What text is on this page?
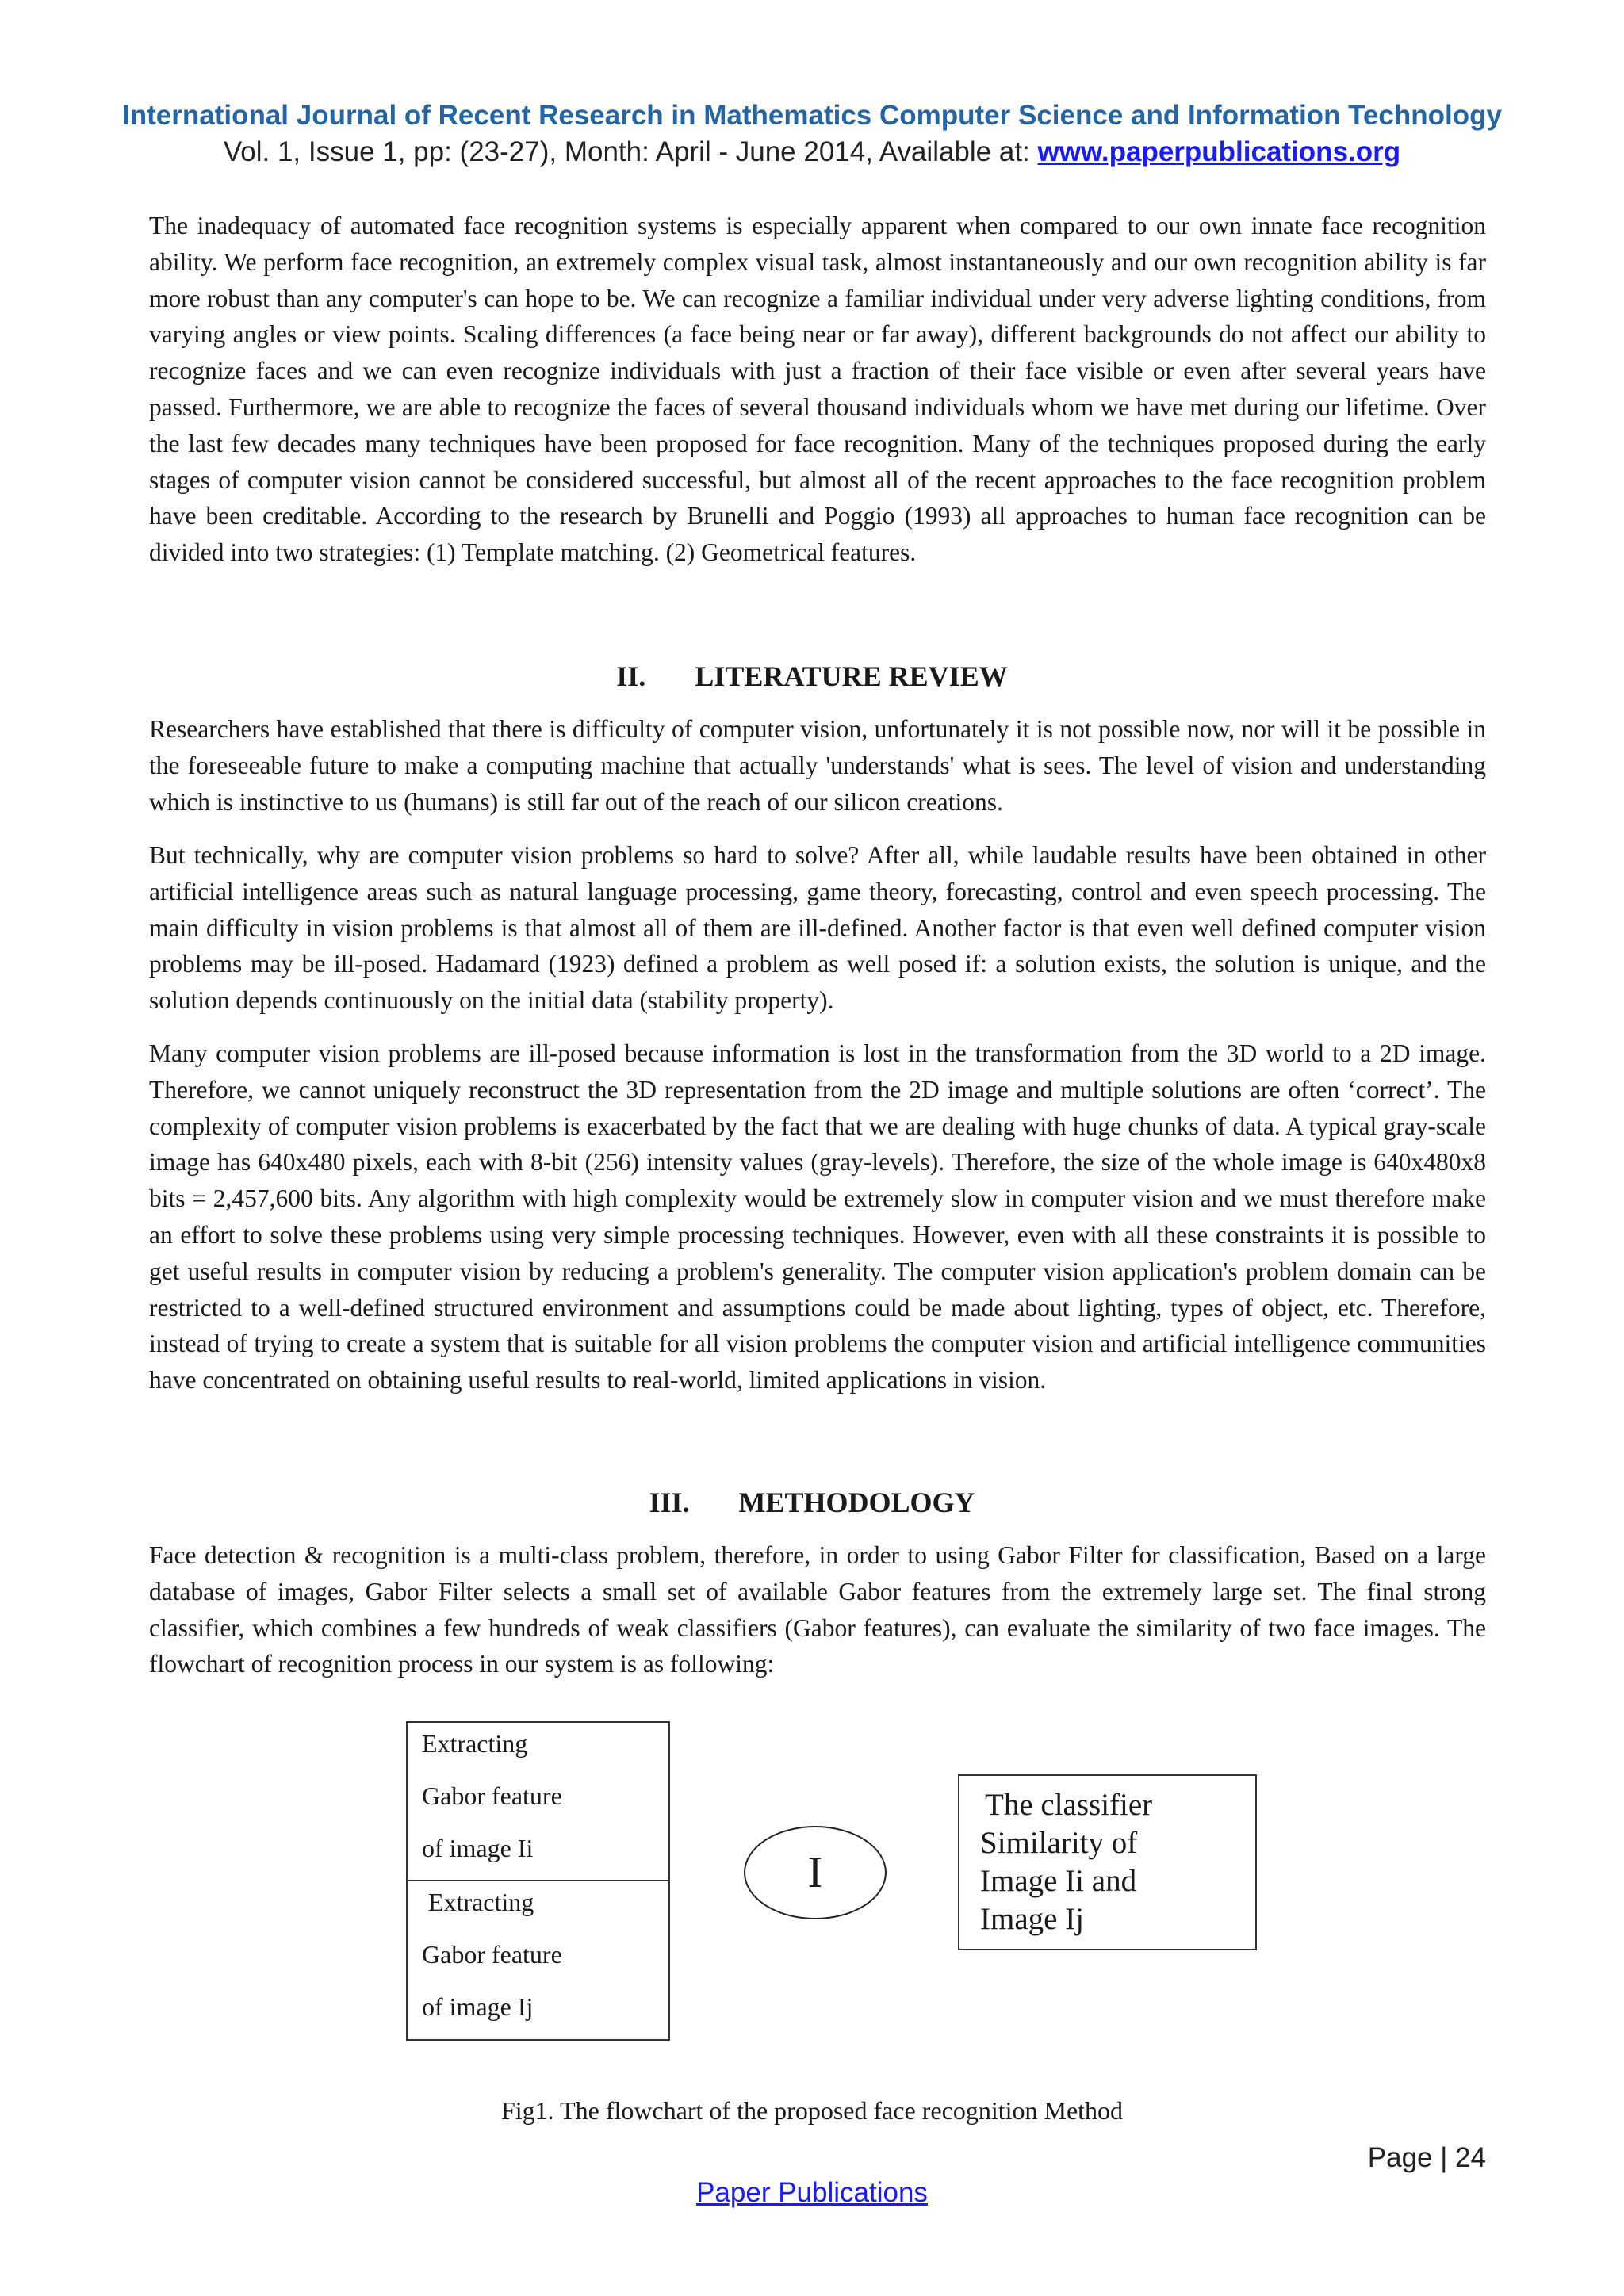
International Journal of Recent Research in Mathematics Computer Science and Information Technology
Vol. 1, Issue 1, pp: (23-27), Month: April - June 2014, Available at: www.paperpublications.org

The inadequacy of automated face recognition systems is especially apparent when compared to our own innate face recognition ability. We perform face recognition, an extremely complex visual task, almost instantaneously and our own recognition ability is far more robust than any computer's can hope to be. We can recognize a familiar individual under very adverse lighting conditions, from varying angles or view points. Scaling differences (a face being near or far away), different backgrounds do not affect our ability to recognize faces and we can even recognize individuals with just a fraction of their face visible or even after several years have passed. Furthermore, we are able to recognize the faces of several thousand individuals whom we have met during our lifetime. Over the last few decades many techniques have been proposed for face recognition. Many of the techniques proposed during the early stages of computer vision cannot be considered successful, but almost all of the recent approaches to the face recognition problem have been creditable. According to the research by Brunelli and Poggio (1993) all approaches to human face recognition can be divided into two strategies: (1) Template matching. (2) Geometrical features.

II. LITERATURE REVIEW

Researchers have established that there is difficulty of computer vision, unfortunately it is not possible now, nor will it be possible in the foreseeable future to make a computing machine that actually 'understands' what is sees. The level of vision and understanding which is instinctive to us (humans) is still far out of the reach of our silicon creations.

But technically, why are computer vision problems so hard to solve? After all, while laudable results have been obtained in other artificial intelligence areas such as natural language processing, game theory, forecasting, control and even speech processing. The main difficulty in vision problems is that almost all of them are ill-defined. Another factor is that even well defined computer vision problems may be ill-posed. Hadamard (1923) defined a problem as well posed if: a solution exists, the solution is unique, and the solution depends continuously on the initial data (stability property).

Many computer vision problems are ill-posed because information is lost in the transformation from the 3D world to a 2D image. Therefore, we cannot uniquely reconstruct the 3D representation from the 2D image and multiple solutions are often ‘correct’. The complexity of computer vision problems is exacerbated by the fact that we are dealing with huge chunks of data. A typical gray-scale image has 640x480 pixels, each with 8-bit (256) intensity values (gray-levels). Therefore, the size of the whole image is 640x480x8 bits = 2,457,600 bits. Any algorithm with high complexity would be extremely slow in computer vision and we must therefore make an effort to solve these problems using very simple processing techniques. However, even with all these constraints it is possible to get useful results in computer vision by reducing a problem's generality. The computer vision application's problem domain can be restricted to a well-defined structured environment and assumptions could be made about lighting, types of object, etc. Therefore, instead of trying to create a system that is suitable for all vision problems the computer vision and artificial intelligence communities have concentrated on obtaining useful results to real-world, limited applications in vision.

III. METHODOLOGY

Face detection & recognition is a multi-class problem, therefore, in order to using Gabor Filter for classification, Based on a large database of images, Gabor Filter selects a small set of available Gabor features from the extremely large set. The final strong classifier, which combines a few hundreds of weak classifiers (Gabor features), can evaluate the similarity of two face images. The flowchart of recognition process in our system is as following:

Extracting
Gabor feature
of image Ii
Extracting
Gabor feature
of image Ij
I
The classifier
Similarity of
Image Ii and
Image Ij
Fig1. The flowchart of the proposed face recognition Method
Page | 24
Paper Publications
